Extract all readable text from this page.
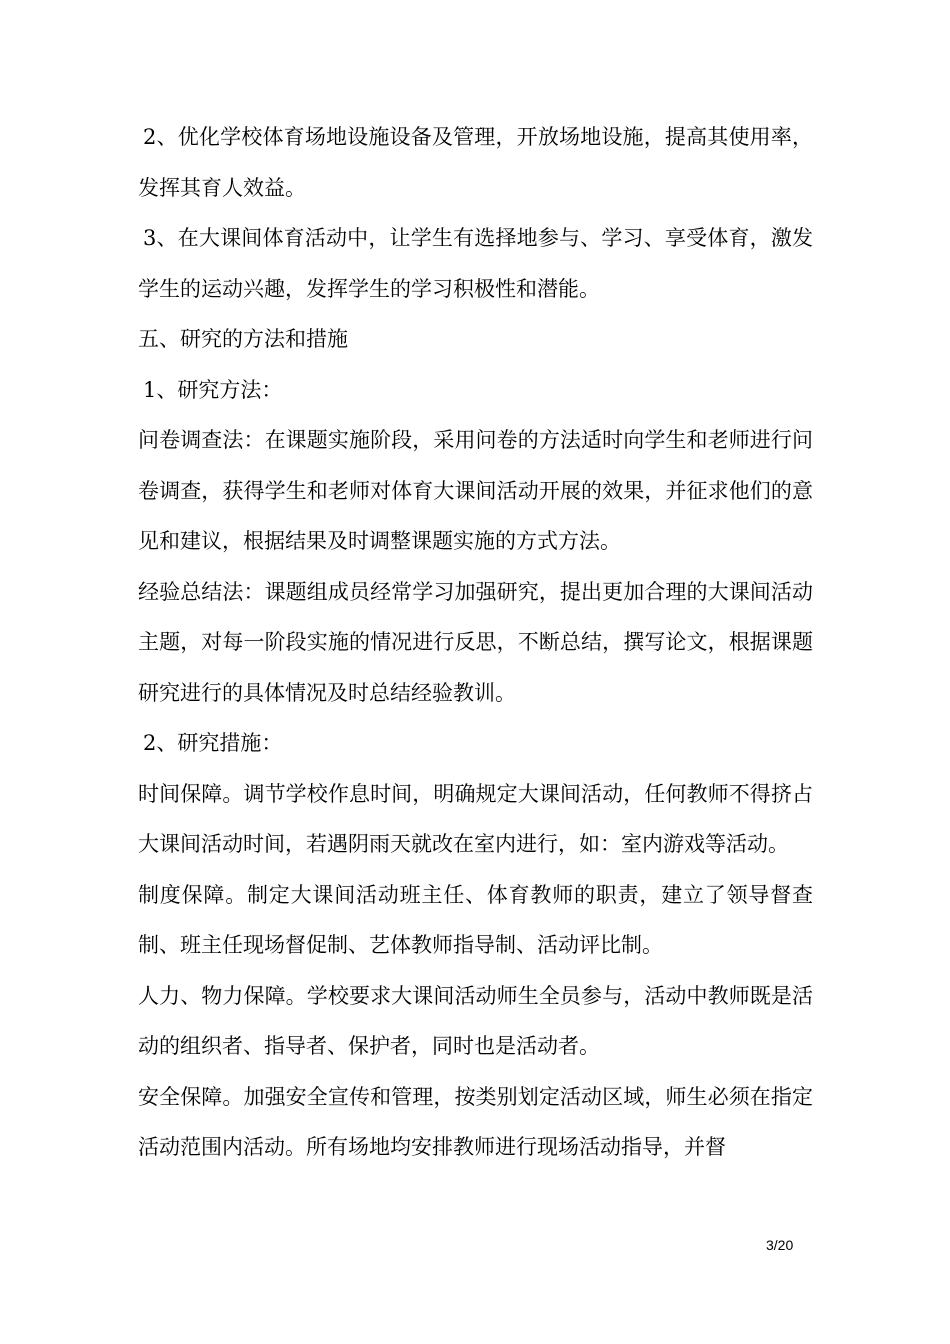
2、优化学校体育场地设施设备及管理，开放场地设施，提高其使用率，发挥其育人效益。

3、在大课间体育活动中，让学生有选择地参与、学习、享受体育，激发学生的运动兴趣，发挥学生的学习积极性和潜能。

五、研究的方法和措施

1、研究方法：

问卷调查法：在课题实施阶段，采用问卷的方法适时向学生和老师进行问卷调查，获得学生和老师对体育大课间活动开展的效果，并征求他们的意见和建议，根据结果及时调整课题实施的方式方法。

经验总结法：课题组成员经常学习加强研究，提出更加合理的大课间活动主题，对每一阶段实施的情况进行反思，不断总结，撰写论文，根据课题研究进行的具体情况及时总结经验教训。

2、研究措施：

时间保障。调节学校作息时间，明确规定大课间活动，任何教师不得挤占大课间活动时间，若遇阴雨天就改在室内进行，如：室内游戏等活动。

制度保障。制定大课间活动班主任、体育教师的职责，建立了领导督查制、班主任现场督促制、艺体教师指导制、活动评比制。

人力、物力保障。学校要求大课间活动师生全员参与，活动中教师既是活动的组织者、指导者、保护者，同时也是活动者。

安全保障。加强安全宣传和管理，按类别划定活动区域，师生必须在指定活动范围内活动。所有场地均安排教师进行现场活动指导，并督

3/20
